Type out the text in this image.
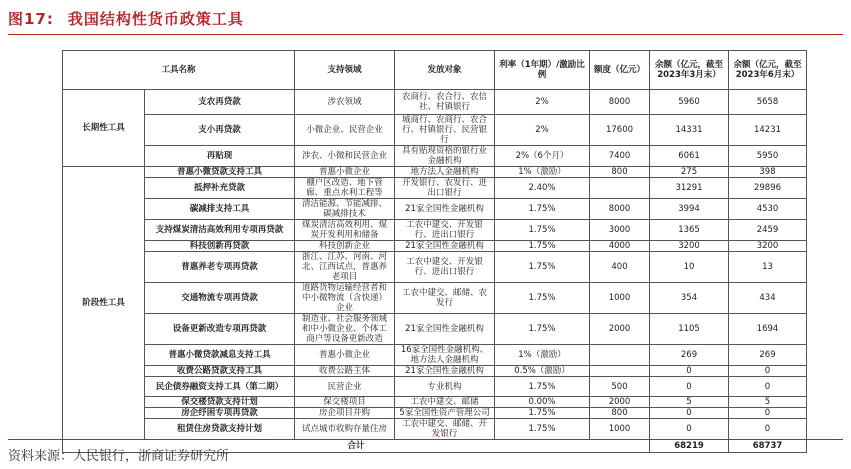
图17: 我国结构性货币政策工具
工具名称		支持领域	发放对象	利率（1年期）/激励比例	额度（亿元）	余额（亿元，截至2023年3月末）	余额（亿元，截至2023年6月末）
长期性工具	支农再贷款	涉农领域	农商行、农合行、农信社、村镇银行	2%	8000	5960	5658
	支小再贷款	小微企业、民营企业	城商行、农商行、农合行、村镇银行、民营银行	2%	17600	14331	14231
	再贴现	涉农、小微和民营企业	具有贴现资格的银行业金融机构	2%（6个月）	7400	6061	5950
阶段性工具	普惠小微贷款支持工具	普惠小微企业	地方法人金融机构	1%（激励）	800	275	398
	抵押补充贷款	棚户区改造、地下管廊、重点水利工程等	开发银行、农发行、进出口银行	2.40%		31291	29896
	碳减排支持工具	清洁能源、节能减排、碳减排技术	21家全国性金融机构	1.75%	8000	3994	4530
	支持煤炭清洁高效利用专项再贷款	煤炭清洁高效利用、煤炭开发利用和储备	工农中建交、开发银行、进出口银行	1.75%	3000	1365	2459
	科技创新再贷款	科技创新企业	21家全国性金融机构	1.75%	4000	3200	3200
	普惠养老专项再贷款	浙江、江苏、河南、河北、江西试点，普惠养老项目	工农中建交、开发银行、进出口银行	1.75%	400	10	13
	交通物流专项再贷款	道路货物运输经营者和中小微物流（含快递）企业	工农中建交、邮储、农发行	1.75%	1000	354	434
	设备更新改造专项再贷款	制造业、社会服务领域和中小微企业、个体工商户等设备更新改造	21家全国性金融机构	1.75%	2000	1105	1694
	普惠小微贷款减息支持工具	普惠小微企业	16家全国性金融机构、地方法人金融机构	1%（激励）		269	269
	收费公路贷款支持工具	收费公路主体	21家全国性金融机构	0.5%（激励）		0	0
	民企债券融资支持工具（第二期）	民营企业	专业机构	1.75%	500	0	0
	保交楼贷款支持计划	保交楼项目	工农中建交、邮储	0.00%	2000	5	5
	房企纾困专项再贷款	房企项目并购	5家全国性资产管理公司	1.75%	800	0	0
	租赁住房贷款支持计划	试点城市收购存量住房	工农中建交、邮储、开发银行	1.75%	1000	0	0
合计						68219	68737
资料来源：人民银行，浙商证券研究所
